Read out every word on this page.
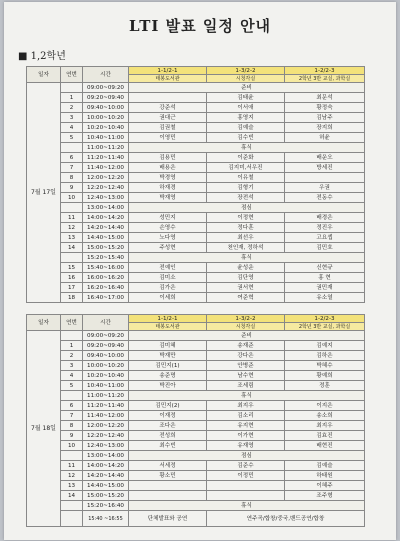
LTI 발표 일정 안내
■ 1,2학년
일자	연번	시간	1-1/2-1	1-3/2-2	1-2/2-3
			태봉도서관	시청각실	2학년 3반 교실, 과학실
7월 17일		09:00~09:20	준비		
	1	09:20~09:40		김태윤	최문석
	2	09:40~10:00	강준석	이서애	황정숙
	3	10:00~10:20	권대근	홍영지	김남주
	4	10:20~10:40	김권철	김예슬	장지희
	5	10:40~11:00	이영민	김수빈	허윤
		11:00~11:20	휴식		
	6	11:20~11:40	김용민	이준화	배운오
	7	11:40~12:00	배용은	김지미,서우진	방세진
	8	12:00~12:20	박경영	이유철	
	9	12:20~12:40	하재경	김형기	우권
	10	12:40~13:00	박재영	장전석	전동수
		13:00~14:00	점심		
	11	14:00~14:20	성민지	이정현	배경은
	12	14:20~14:40	손영수	정다훈	정진우
	13	14:40~15:00	노다영	최선우	고요셉
	14	15:00~15:20	주성현	천인재, 정하석	김민호
		15:20~15:40	휴식		
	15	15:40~16:00	전예인	윤성운	신현규
	16	16:00~16:20	김미소	김단영	홍 현
	17	16:20~16:40	김가은	권서현	권민재
	18	16:40~17:00	이세희	여준혁	유소열
일자	연번	시간	1-1/2-1	1-3/2-2	1-2/2-3
			태봉도서관	시청각실	2학년 3반 교실, 과학실
7월 18일		09:00~09:20	준비		
	1	09:20~09:40	김미혜	송재준	김예지
	2	09:40~10:00	박재만	강다은	김하은
	3	10:00~10:20	김민지(1)	안병준	박혜수
	4	10:20~10:40	송준명	남수현	황예희
	5	10:40~11:00	박진아	조세림	정훈
		11:00~11:20	휴식		
	6	11:20~11:40	김민지(2)	최지우	이지은
	7	11:40~12:00	이재정	김소리	송소희
	8	12:00~12:20	조다은	유지현	최지우
	9	12:20~12:40	전성희	이가현	김효진
	10	12:40~13:00	최수빈	유재영	배현진
		13:00~14:00	점심		
	11	14:00~14:20	서세정	김준수	김예슬
	12	14:20~14:40	황소민	이정민	하태원
	13	14:40~15:00			이혜주
	14	15:00~15:20			조주형
		15:20~16:40	휴식		
		15:40 ~16:55	단체발표와 공연	연주곡/합창/중국,밴드공연/합창	
